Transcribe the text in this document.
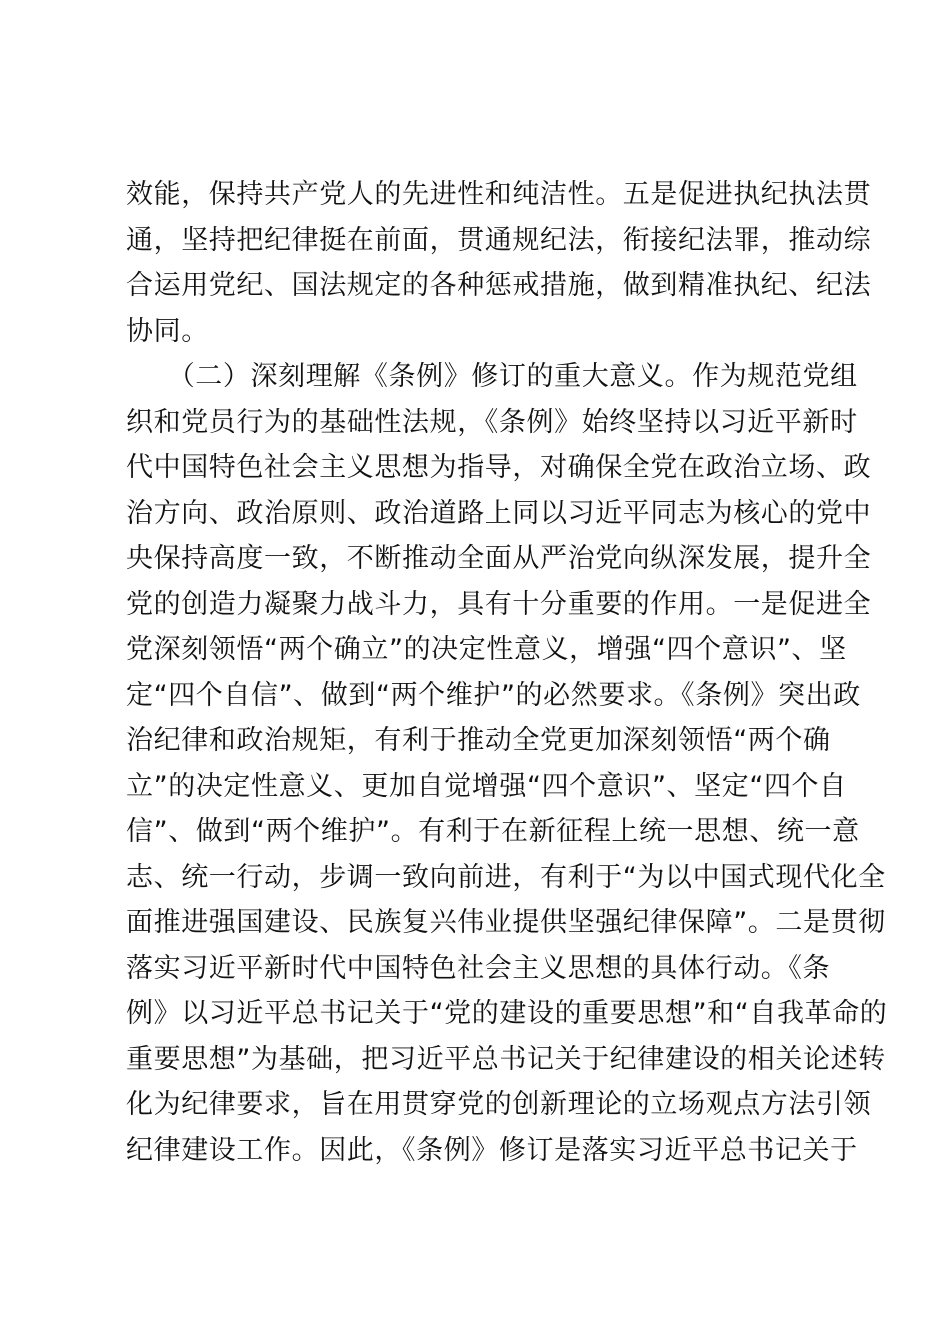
效能，保持共产党人的先进性和纯洁性。五是促进执纪执法贯
通，坚持把纪律挺在前面，贯通规纪法，衔接纪法罪，推动综
合运用党纪、国法规定的各种惩戒措施，做到精准执纪、纪法
协同。
　　（二）深刻理解《条例》修订的重大意义。作为规范党组
织和党员行为的基础性法规，《条例》始终坚持以习近平新时
代中国特色社会主义思想为指导，对确保全党在政治立场、政
治方向、政治原则、政治道路上同以习近平同志为核心的党中
央保持高度一致，不断推动全面从严治党向纵深发展，提升全
党的创造力凝聚力战斗力，具有十分重要的作用。一是促进全
党深刻领悟“两个确立”的决定性意义，增强“四个意识”、坚
定“四个自信”、做到“两个维护”的必然要求。《条例》突出政
治纪律和政治规矩，有利于推动全党更加深刻领悟“两个确
立”的决定性意义、更加自觉增强“四个意识”、坚定“四个自
信”、做到“两个维护”。有利于在新征程上统一思想、统一意
志、统一行动，步调一致向前进，有利于“为以中国式现代化全
面推进强国建设、民族复兴伟业提供坚强纪律保障”。二是贯彻
落实习近平新时代中国特色社会主义思想的具体行动。《条
例》以习近平总书记关于“党的建设的重要思想”和“自我革命的
重要思想”为基础，把习近平总书记关于纪律建设的相关论述转
化为纪律要求，旨在用贯穿党的创新理论的立场观点方法引领
纪律建设工作。因此，《条例》修订是落实习近平总书记关于
